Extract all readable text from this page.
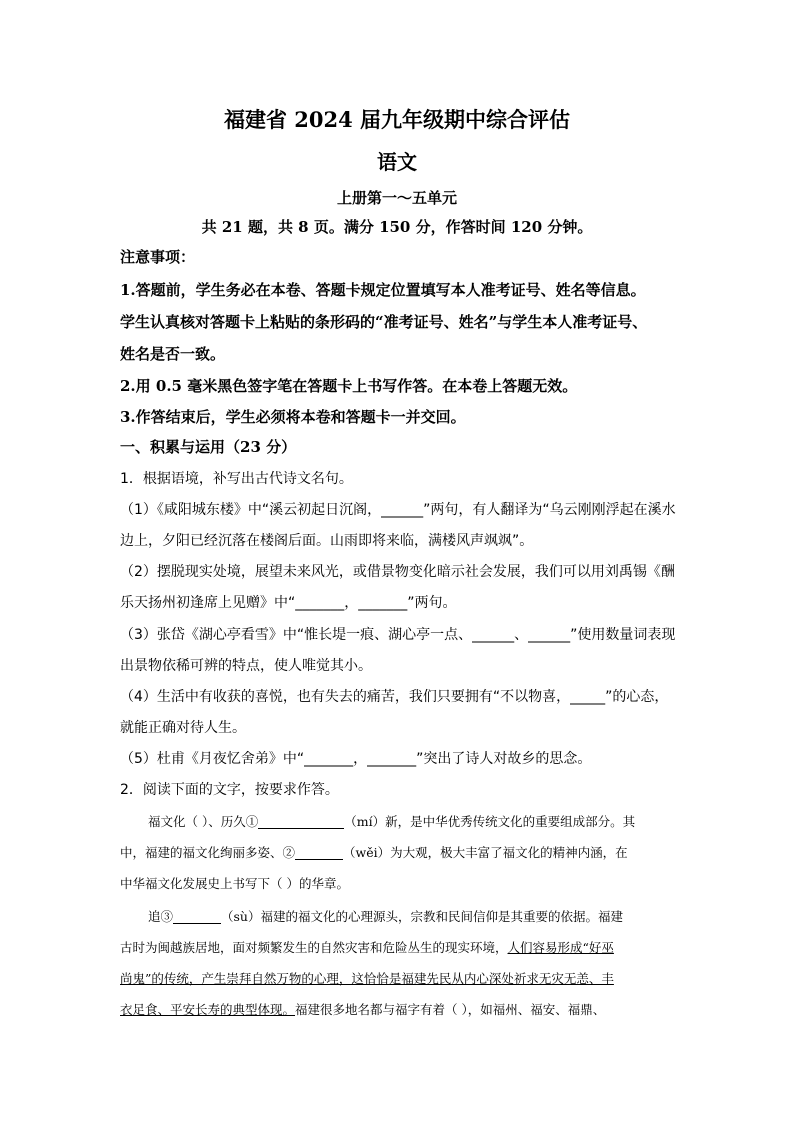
福建省 2024 届九年级期中综合评估
语文
上册第一～五单元
共 21 题，共 8 页。满分 150 分，作答时间 120 分钟。
注意事项：
1.答题前，学生务必在本卷、答题卡规定位置填写本人准考证号、姓名等信息。
学生认真核对答题卡上粘贴的条形码的“准考证号、姓名”与学生本人准考证号、
姓名是否一致。
2.用 0.5 毫米黑色签字笔在答题卡上书写作答。在本卷上答题无效。
3.作答结束后，学生必须将本卷和答题卡一并交回。
一、积累与运用（23 分）
1．根据语境，补写出古代诗文名句。
（1）《咸阳城东楼》中“溪云初起日沉阁，______”两句，有人翻译为“乌云刚刚浮起在溪水
边上，夕阳已经沉落在楼阁后面。山雨即将来临，满楼风声飒飒”。
（2）摆脱现实处境，展望未来风光，或借景物变化暗示社会发展，我们可以用刘禹锡《酬
乐天扬州初逢席上见赠》中“_______，_______”两句。
（3）张岱《湖心亭看雪》中“惟长堤一痕、湖心亭一点、______、______”使用数量词表现
出景物依稀可辨的特点，使人唯觉其小。
（4）生活中有收获的喜悦，也有失去的痛苦，我们只要拥有“不以物喜，_____”的心态，
就能正确对待人生。
（5）杜甫《月夜忆舍弟》中“_______，_______”突出了诗人对故乡的思念。
2．阅读下面的文字，按要求作答。
福文化（ ）、历久①	（mí）新，是中华优秀传统文化的重要组成部分。其
中，福建的福文化绚丽多姿、②	（wěi）为大观，极大丰富了福文化的精神内涵，在
中华福文化发展史上书写下（ ）的华章。
追③	（sù）福建的福文化的心理源头，宗教和民间信仰是其重要的依据。福建
古时为闽越族居地，面对频繁发生的自然灾害和危险丛生的现实环境，人们容易形成“好巫
尚鬼”的传统，产生崇拜自然万物的心理，这恰恰是福建先民从内心深处祈求无灾无恙、丰
衣足食、平安长寿的典型体现。福建很多地名都与福字有着（ ），如福州、福安、福鼎、
